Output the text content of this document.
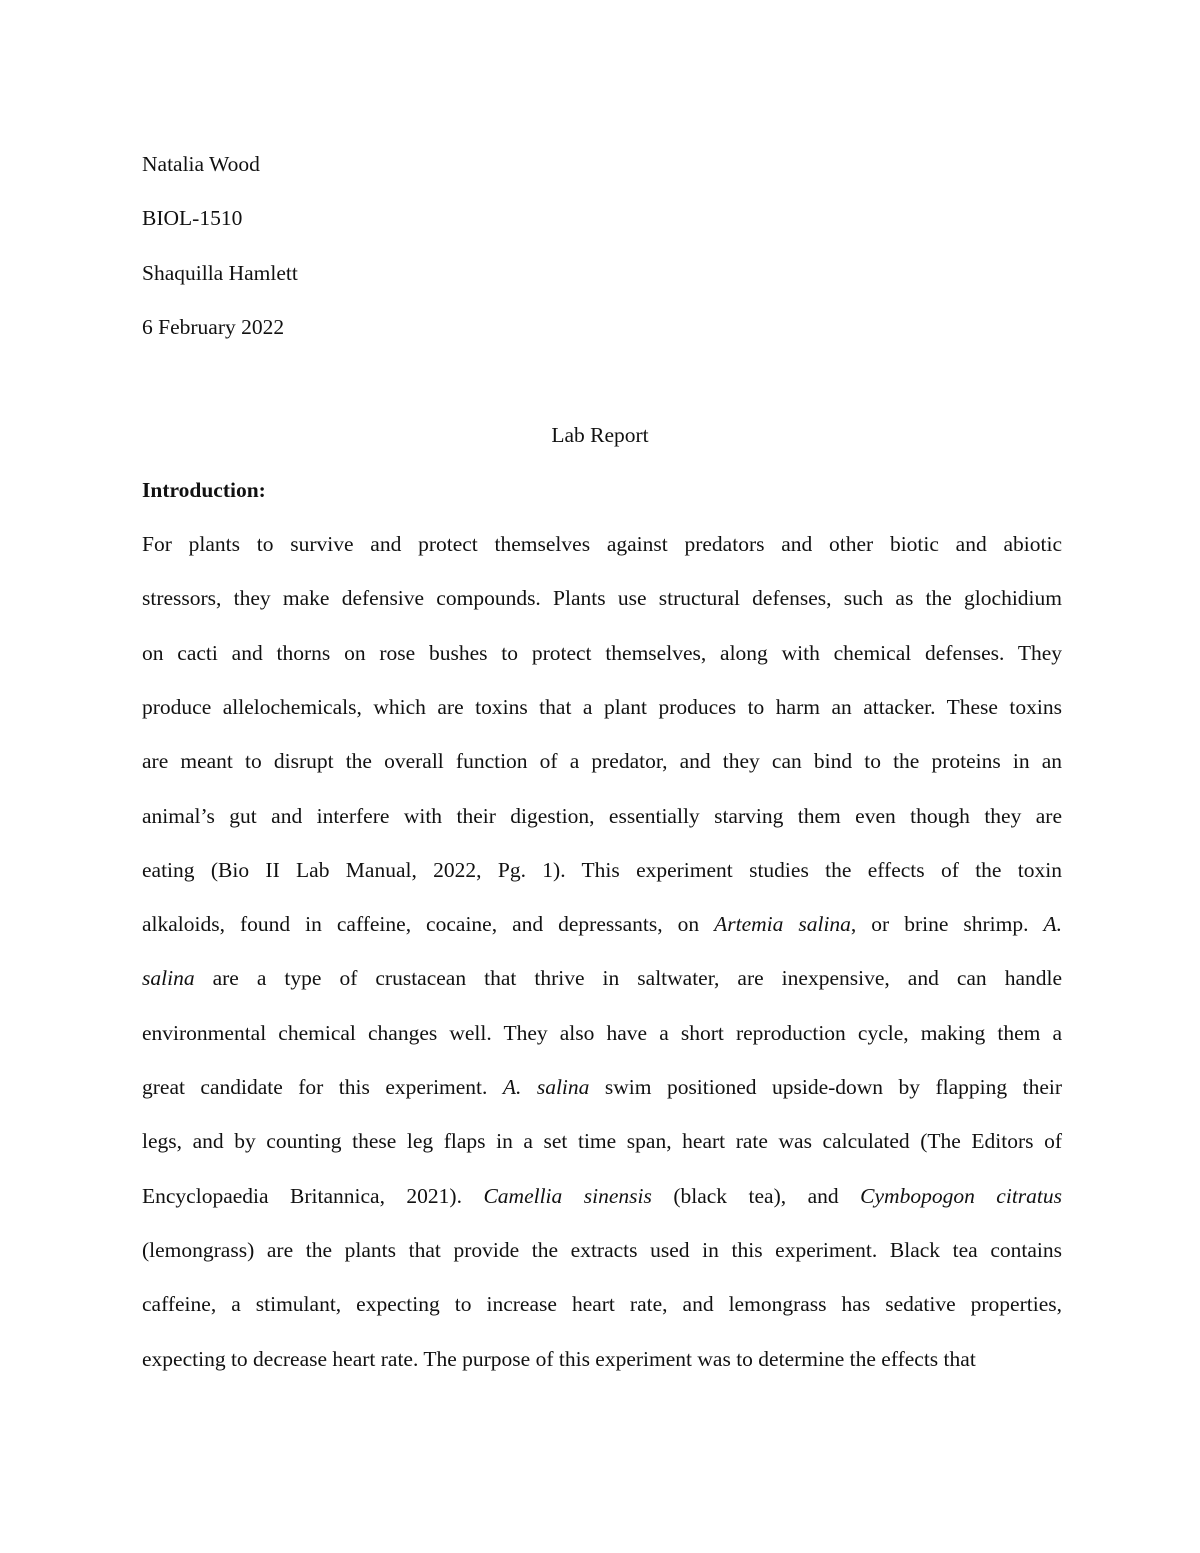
Natalia Wood
BIOL-1510
Shaquilla Hamlett
6 February 2022
Lab Report
Introduction:
For plants to survive and protect themselves against predators and other biotic and abiotic
stressors, they make defensive compounds. Plants use structural defenses, such as the glochidium
on cacti and thorns on rose bushes to protect themselves, along with chemical defenses. They
produce allelochemicals, which are toxins that a plant produces to harm an attacker. These toxins
are meant to disrupt the overall function of a predator, and they can bind to the proteins in an
animal’s gut and interfere with their digestion, essentially starving them even though they are
eating (Bio II Lab Manual, 2022, Pg. 1). This experiment studies the effects of the toxin
alkaloids, found in caffeine, cocaine, and depressants, on Artemia salina, or brine shrimp. A.
salina are a type of crustacean that thrive in saltwater, are inexpensive, and can handle
environmental chemical changes well. They also have a short reproduction cycle, making them a
great candidate for this experiment. A. salina swim positioned upside-down by flapping their
legs, and by counting these leg flaps in a set time span, heart rate was calculated (The Editors of
Encyclopaedia Britannica, 2021). Camellia sinensis (black tea), and Cymbopogon citratus
(lemongrass) are the plants that provide the extracts used in this experiment. Black tea contains
caffeine, a stimulant, expecting to increase heart rate, and lemongrass has sedative properties,
expecting to decrease heart rate. The purpose of this experiment was to determine the effects that
